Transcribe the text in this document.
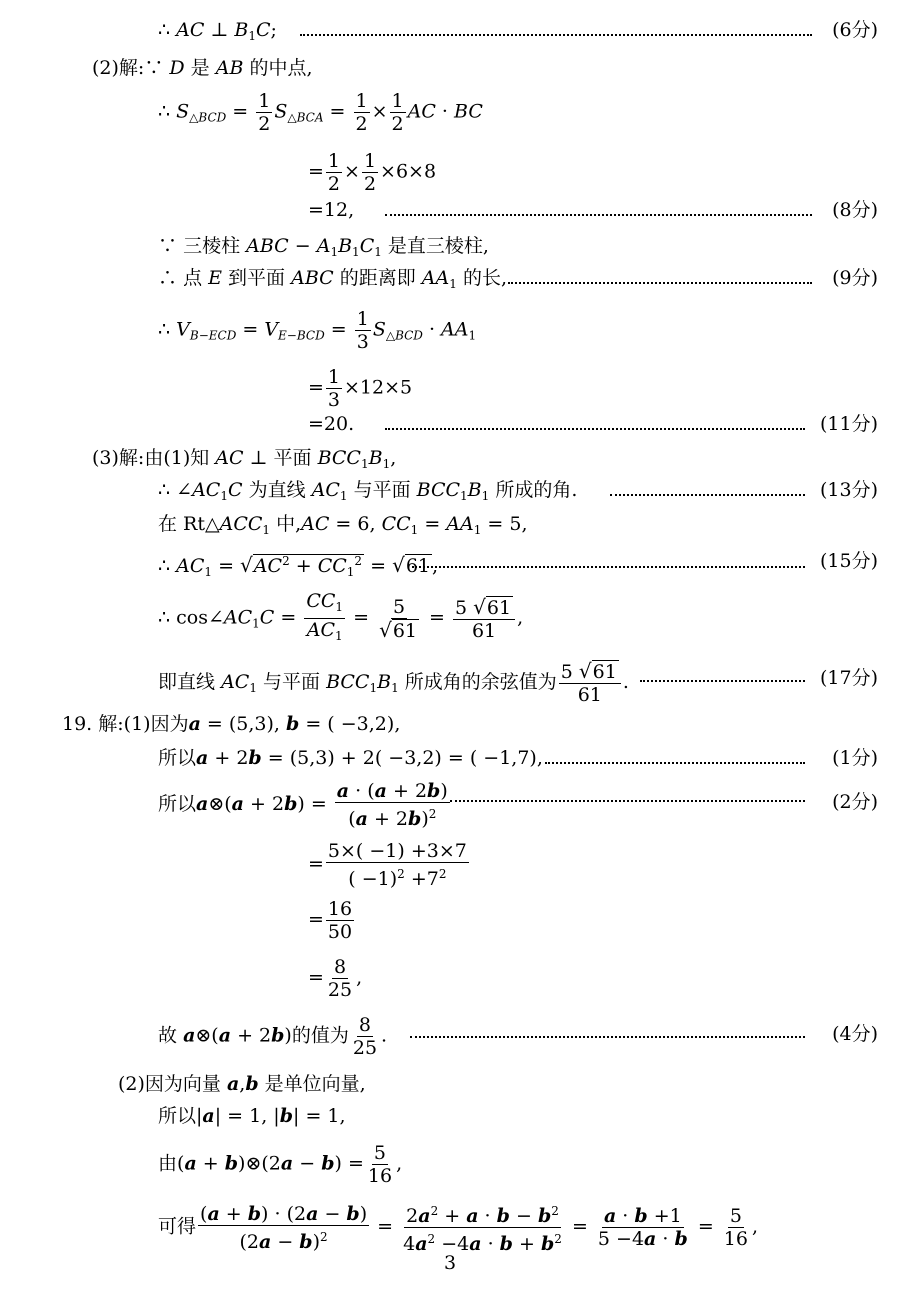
∴ AC ⊥ $B_1C$;	(6分)
(2)解:∵ D 是 AB 的中点,
∴ $S_{\triangle BCD} = \frac{1}{2} S_{\triangle BCA} = \frac{1}{2} \times \frac{1}{2}$ AC · BC
= $\frac{1}{2} \times \frac{1}{2} \times 6\times 8$
=12,	(8分)
∵ 三棱柱 ABC − $A_1B_1C_1$ 是直三棱柱,
∴ 点 E 到平面 ABC 的距离即 $AA_1$ 的长,	(9分)
∴ $V_{B-ECD} = V_{E-BCD} = \frac{1}{3} S_{\triangle BCD} \cdot AA_1$
= $\frac{1}{3} \times 12\times 5$
=20.	(11分)
(3)解:由(1)知 AC ⊥ 平面 $BCC_1B_1$,
∴ $\angle AC_1C$ 为直线 $AC_1$ 与平面 $BCC_1B_1$ 所成的角.	(13分)
在 $Rt\triangle ACC_1$ 中,AC = 6, $CC_1 = AA_1 = 5$,
∴ $AC_1 = √AC^2 + CC_1^2 = √61$ ,	(15分)
∴ $\cos\angle AC_1C = \frac{CC_1}{AC_1} = \frac{5}{√61} = \frac{5 √61}{61}$ ,
即直线 $AC_1$ 与平面 $BCC_1B_1$ 所成角的余弦值为 $\frac{5 √61}{61}$ .	(17分)
19. 解:(1)因为a = (5,3), b = ( −3,2),
所以a + 2b = (5,3) + 2( −3,2) = ( −1,7),	(1分)
所以a⊗(a + $2b) = \frac{a \cdot (a + 2b)}{(a + 2b)^2}$	(2分)
= $\frac{5\times( -1) +3\times 7}{( -1)^2 +7^2}$
= $\frac{16}{50}$
= $\frac{8}{25}$ ,
故 a⊗(a + 2b)的值为 $\frac{8}{25}$ .	(4分)
(2)因为向量 a,b 是单位向量,
所以|a| = 1, |b| = 1,
由(a + b)⊗(2a − $b) = \frac{5}{16}$ ,
可得 $\frac{(a + b) \cdot (2a - b)}{(2a - b)^2} = \frac{2a^2 + a \cdot b - b^2}{4a^2 -4a \cdot b + b^2} = \frac{a \cdot b +1}{5 -4a \cdot b} = \frac{5}{16}$ ,
3
